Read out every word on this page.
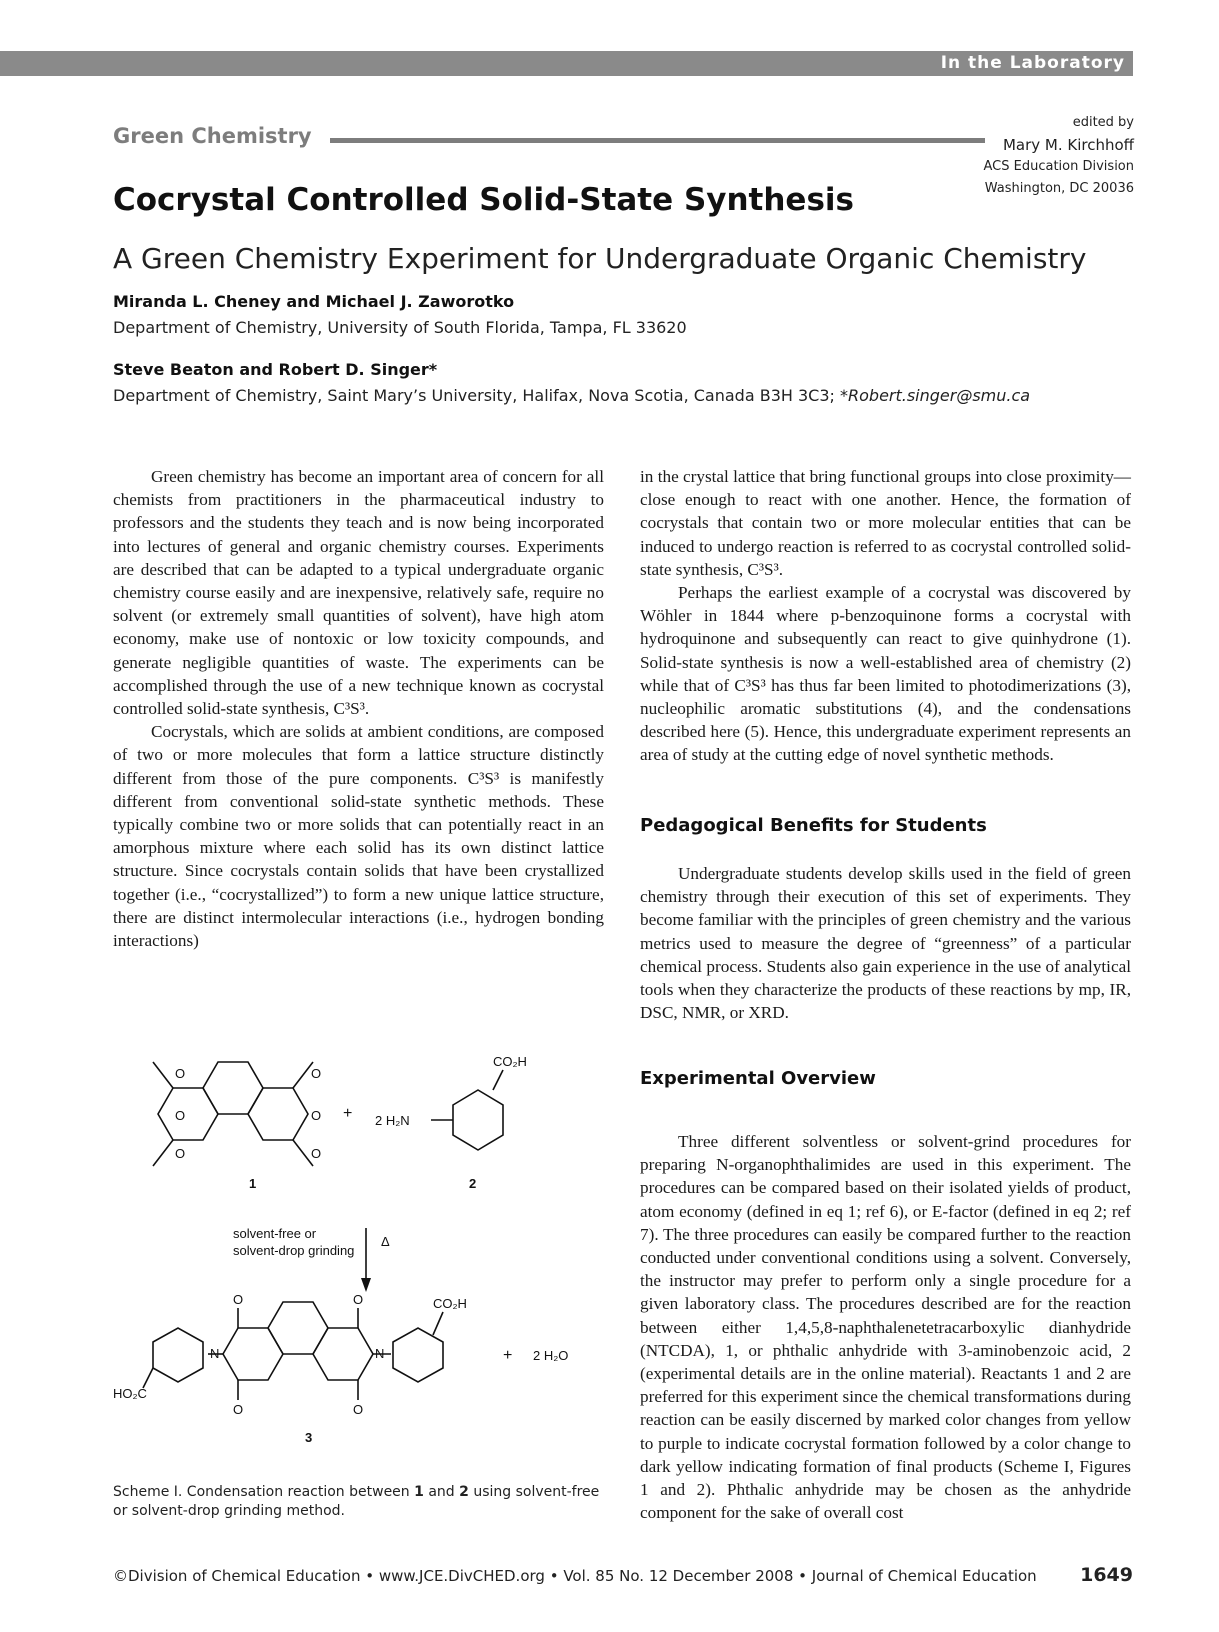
In the Laboratory
Green Chemistry
edited by
Mary M. Kirchhoff
ACS Education Division
Washington, DC 20036
Cocrystal Controlled Solid-State Synthesis
A Green Chemistry Experiment for Undergraduate Organic Chemistry
Miranda L. Cheney and Michael J. Zaworotko
Department of Chemistry, University of South Florida, Tampa, FL 33620
Steve Beaton and Robert D. Singer*
Department of Chemistry, Saint Mary’s University, Halifax, Nova Scotia, Canada B3H 3C3; *Robert.singer@smu.ca

Green chemistry has become an important area of concern for all chemists from practitioners in the pharmaceutical industry to professors and the students they teach and is now being incorporated into lectures of general and organic chemistry courses. Experiments are described that can be adapted to a typical undergraduate organic chemistry course easily and are inexpensive, relatively safe, require no solvent (or extremely small quantities of solvent), have high atom economy, make use of nontoxic or low toxicity compounds, and generate negligible quantities of waste. The experiments can be accomplished through the use of a new technique known as cocrystal controlled solid-state synthesis, C³S³.

Cocrystals, which are solids at ambient conditions, are composed of two or more molecules that form a lattice structure distinctly different from those of the pure components. C³S³ is manifestly different from conventional solid-state synthetic methods. These typically combine two or more solids that can potentially react in an amorphous mixture where each solid has its own distinct lattice structure. Since cocrystals contain solids that have been crystallized together (i.e., “cocrystallized”) to form a new unique lattice structure, there are distinct intermolecular interactions (i.e., hydrogen bonding interactions)

in the crystal lattice that bring functional groups into close proximity—close enough to react with one another. Hence, the formation of cocrystals that contain two or more molecular entities that can be induced to undergo reaction is referred to as cocrystal controlled solid-state synthesis, C³S³.

Perhaps the earliest example of a cocrystal was discovered by Wöhler in 1844 where p-benzoquinone forms a cocrystal with hydroquinone and subsequently can react to give quinhydrone (1). Solid-state synthesis is now a well-established area of chemistry (2) while that of C³S³ has thus far been limited to photodimerizations (3), nucleophilic aromatic substitutions (4), and the condensations described here (5). Hence, this undergraduate experiment represents an area of study at the cutting edge of novel synthetic methods.

Pedagogical Benefits for Students

Undergraduate students develop skills used in the field of green chemistry through their execution of this set of experiments. They become familiar with the principles of green chemistry and the various metrics used to measure the degree of “greenness” of a particular chemical process. Students also gain experience in the use of analytical tools when they characterize the products of these reactions by mp, IR, DSC, NMR, or XRD.

Experimental Overview

Three different solventless or solvent-grind procedures for preparing N-organophthalimides are used in this experiment. The procedures can be compared based on their isolated yields of product, atom economy (defined in eq 1; ref 6), or E-factor (defined in eq 2; ref 7). The three procedures can easily be compared further to the reaction conducted under conventional conditions using a solvent. Conversely, the instructor may prefer to perform only a single procedure for a given laboratory class. The procedures described are for the reaction between either 1,4,5,8-naphthalenetetracarboxylic dianhydride (NTCDA), 1, or phthalic anhydride with 3-aminobenzoic acid, 2 (experimental details are in the online material). Reactants 1 and 2 are preferred for this experiment since the chemical transformations during reaction can be easily discerned by marked color changes from yellow to purple to indicate cocrystal formation followed by a color change to dark yellow indicating formation of final products (Scheme I, Figures 1 and 2). Phthalic anhydride may be chosen as the anhydride component for the sake of overall cost

O
O
O
O
O
O
+ 2 H₂N
CO₂H
1	2
solvent-free or
solvent-drop grinding
Δ
O
O
O
O
N	N
HO₂C
CO₂H
+ 2 H₂O
3
Scheme I. Condensation reaction between 1 and 2 using solvent-free or solvent-drop grinding method.
©Division of Chemical Education • www.JCE.DivCHED.org • Vol. 85 No. 12 December 2008 • Journal of Chemical Education 1649
